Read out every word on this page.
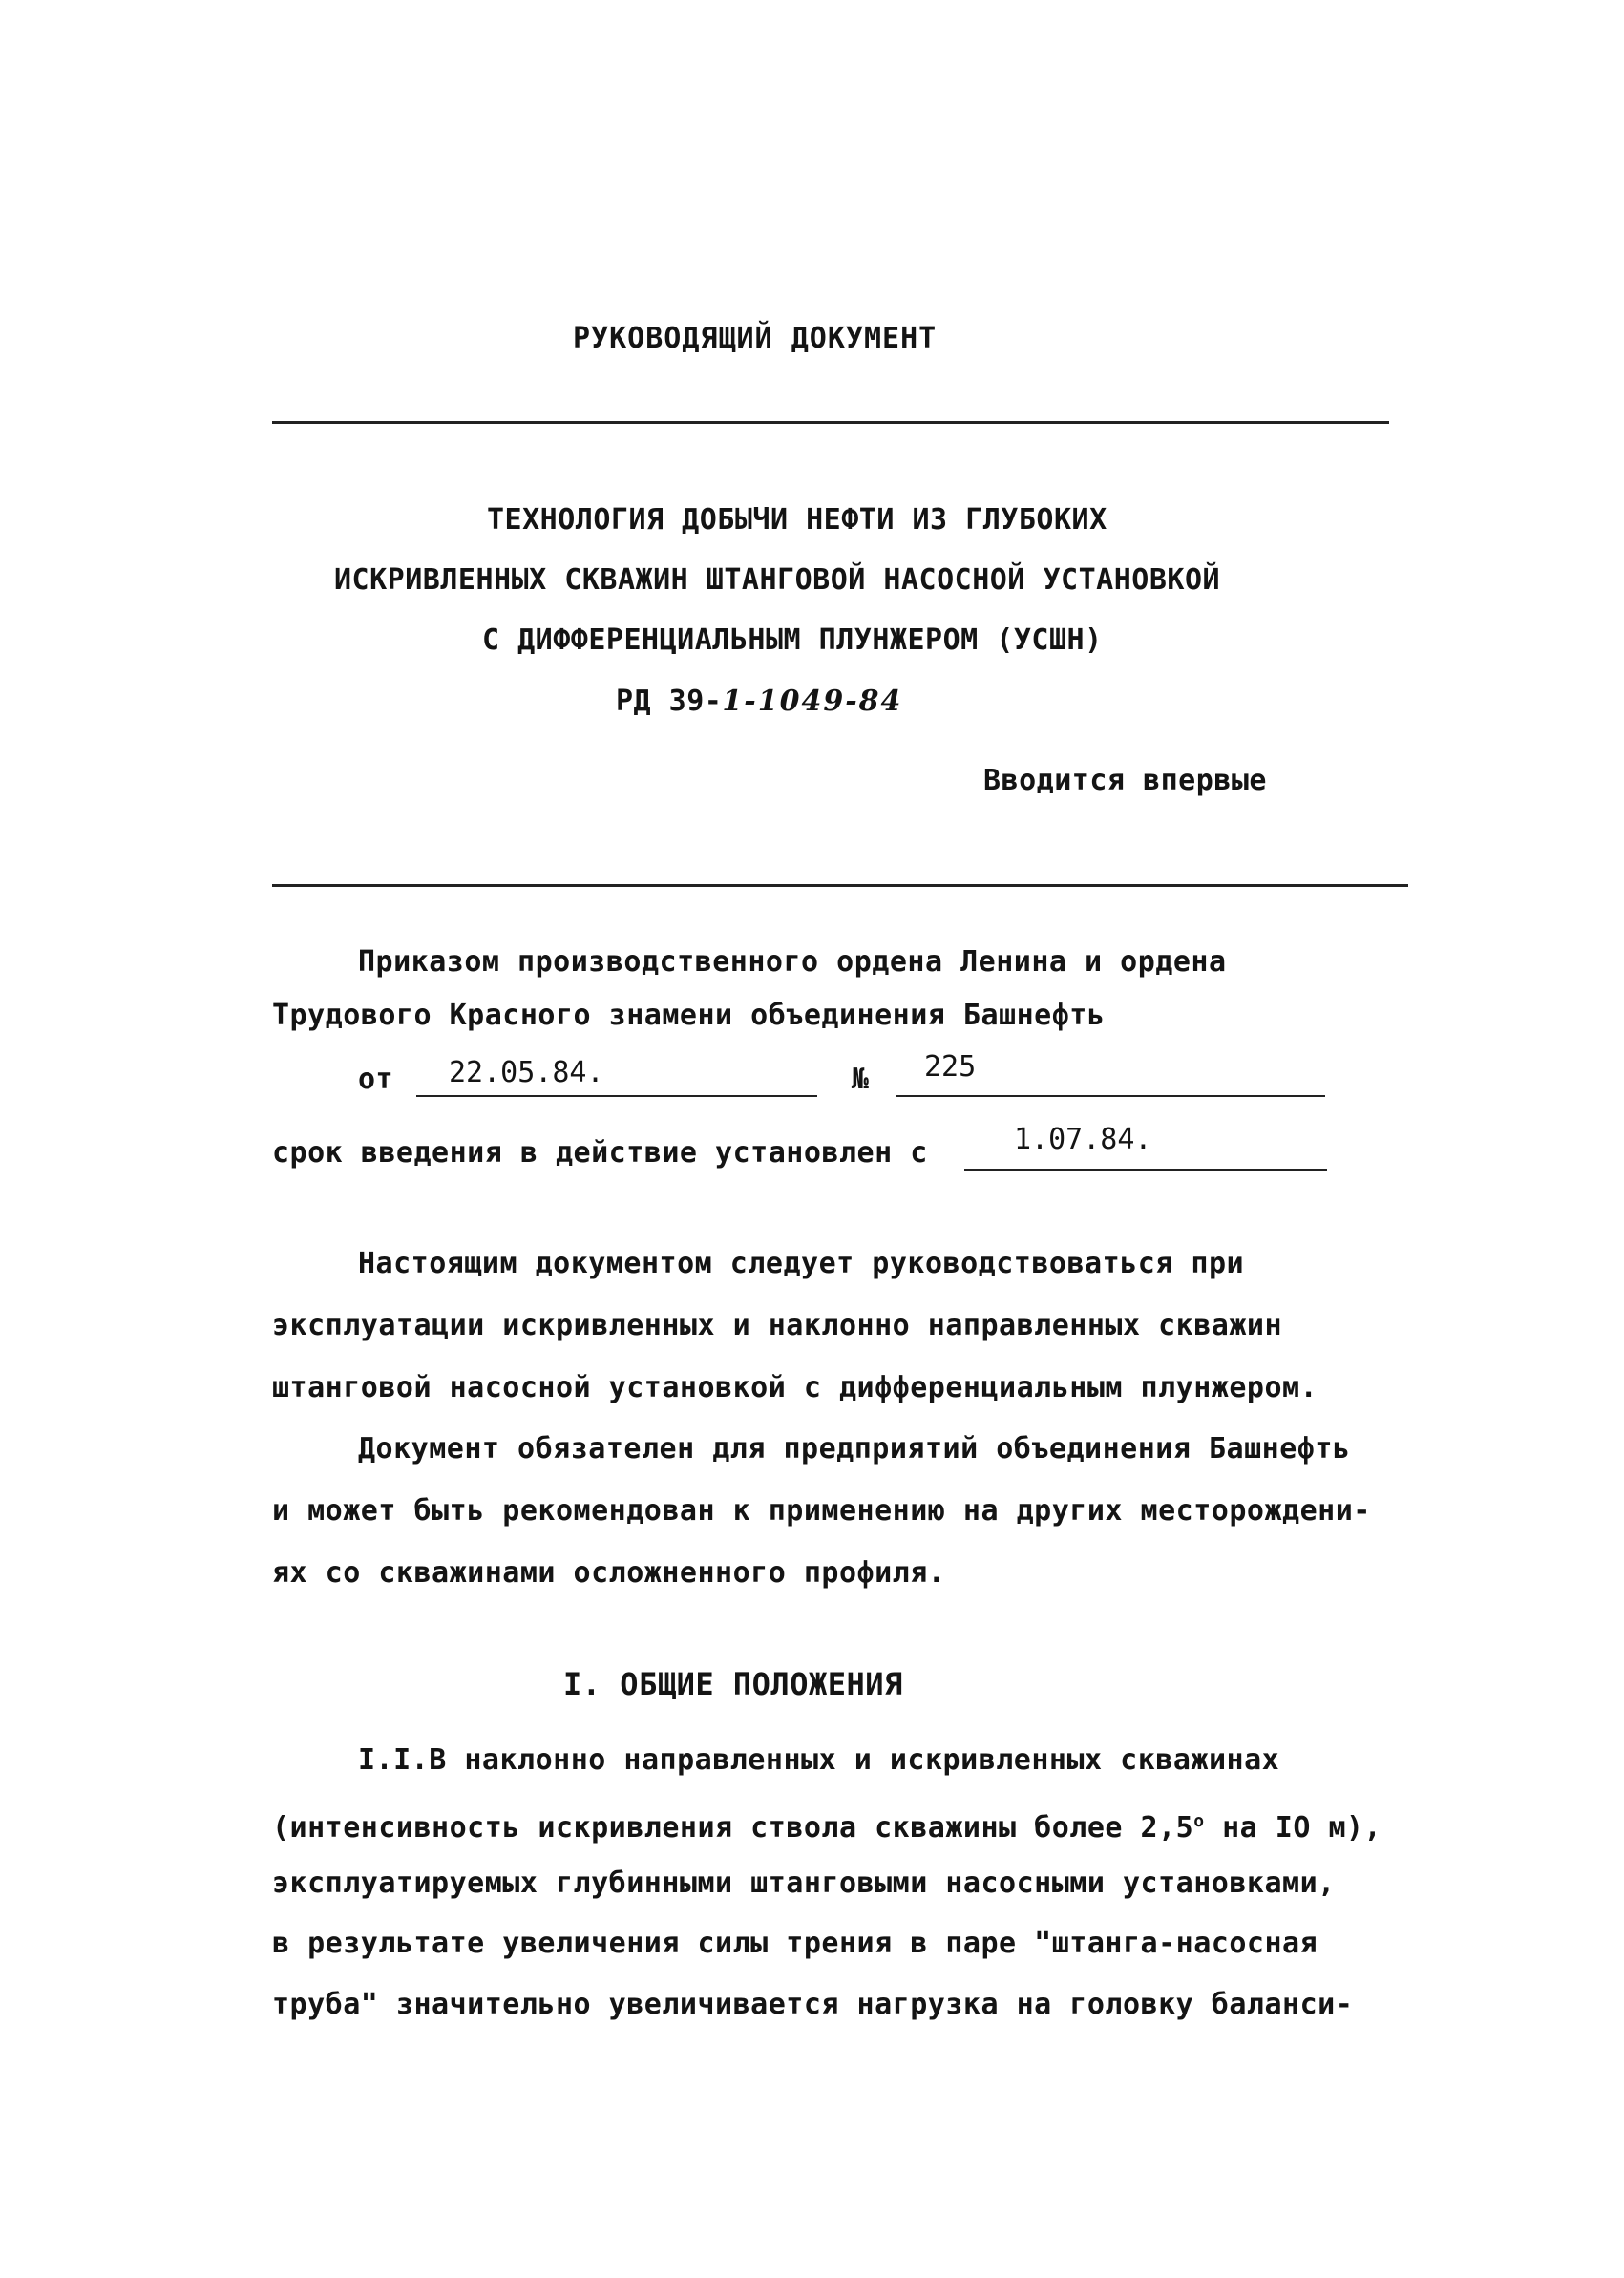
РУКОВОДЯЩИЙ ДОКУМЕНТ
ТЕХНОЛОГИЯ ДОБЫЧИ НЕФТИ ИЗ ГЛУБОКИХ
ИСКРИВЛЕННЫХ СКВАЖИН ШТАНГОВОЙ НАСОСНОЙ УСТАНОВКОЙ
С ДИФФЕРЕНЦИАЛЬНЫМ ПЛУНЖЕРОМ (УСШН)
РД 39-1-1049-84
Вводится впервые
Приказом производственного ордена Ленина и ордена
Трудового Красного знамени объединения Башнефть
от 22.05.84.	№ 225
срок введения в действие установлен с	1.07.84.
Настоящим документом следует руководствоваться при
эксплуатации искривленных и наклонно направленных скважин
штанговой насосной установкой с дифференциальным плунжером.
Документ обязателен для предприятий объединения Башнефть
и может быть рекомендован к применению на других месторождени-
ях со скважинами осложненного профиля.
I. ОБЩИЕ ПОЛОЖЕНИЯ
I.I.В наклонно направленных и искривленных скважинах
(интенсивность искривления ствола скважины более $2,5^о$ на IO м),
эксплуатируемых глубинными штанговыми насосными установками,
в результате увеличения силы трения в паре "штанга-насосная
труба" значительно увеличивается нагрузка на головку баланси-
